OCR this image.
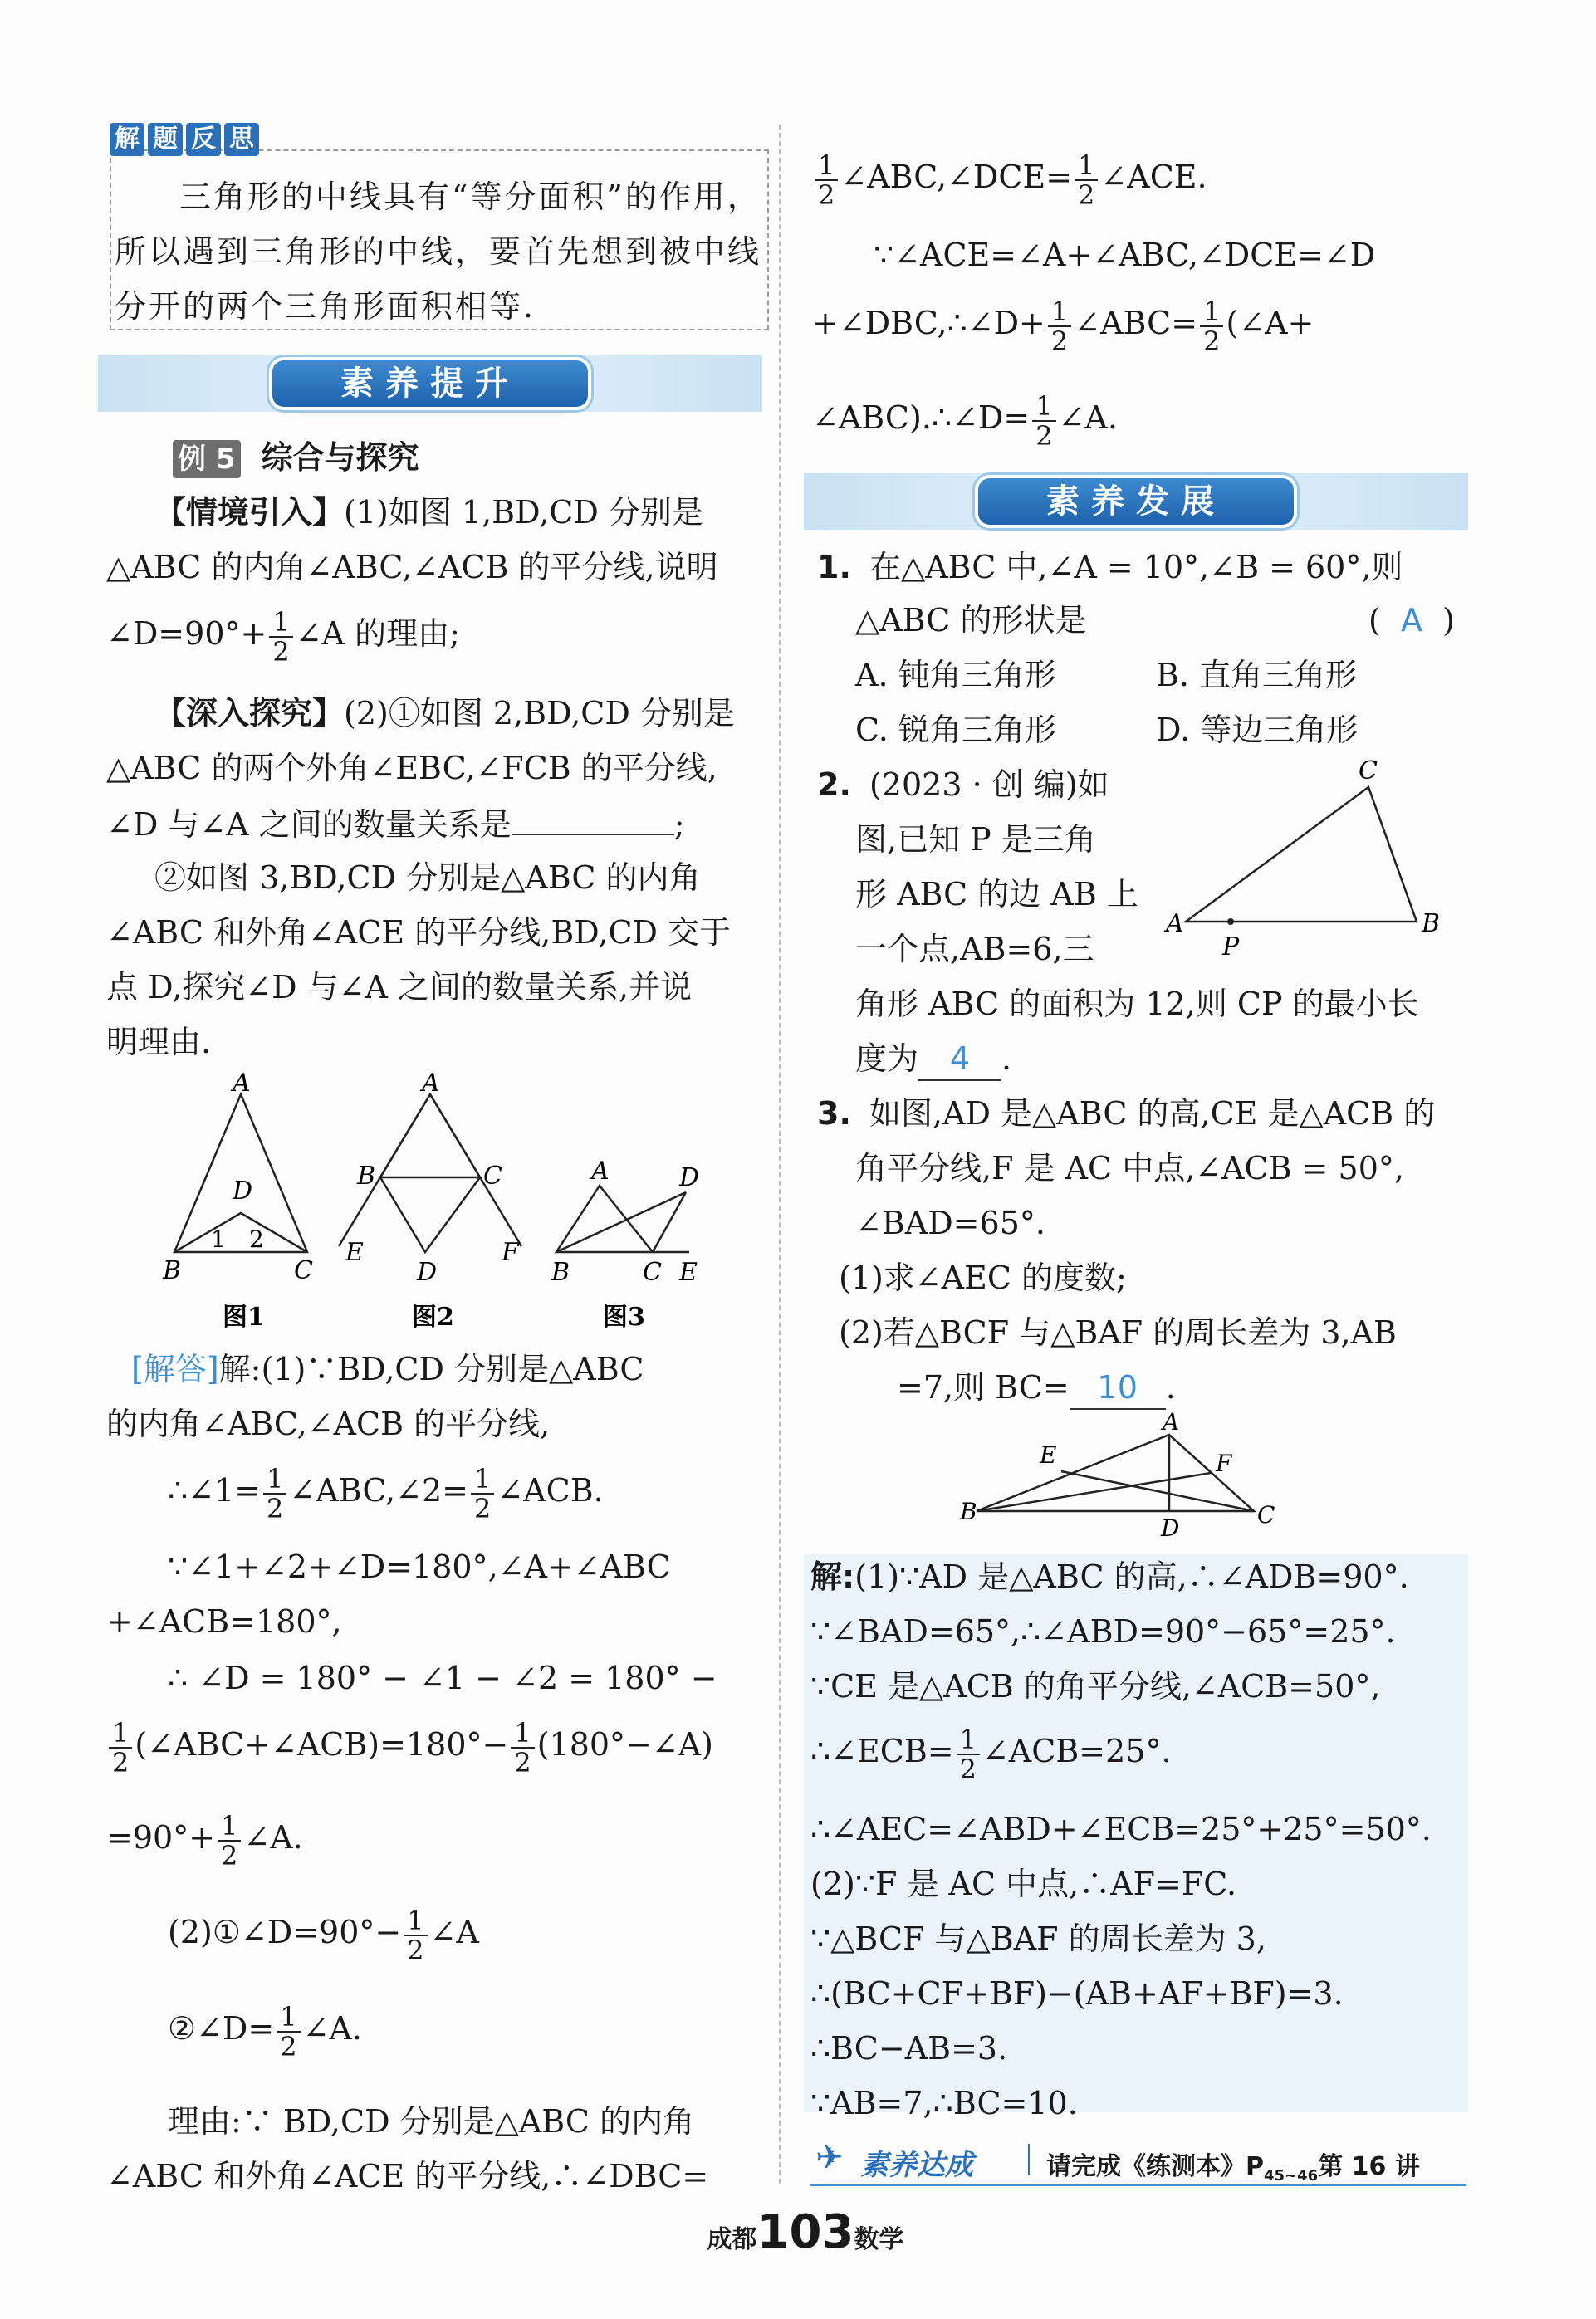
解 题 反 思
三角形的中线具有“等分面积”的作用，
所以遇到三角形的中线，要首先想到被中线
分开的两个三角形面积相等.
素养提升
例 5 综合与探究
【情境引入】(1)如图 1,BD,CD 分别是
△ABC 的内角∠ABC,∠ACB 的平分线,说明
∠D=90°+ $\frac{1}{2}$ ∠A 的理由;
【深入探究】(2)①如图 2,BD,CD 分别是
△ABC 的两个外角∠EBC,∠FCB 的平分线,
∠D 与∠A 之间的数量关系是	;
②如图 3,BD,CD 分别是△ABC 的内角
∠ABC 和外角∠ACE 的平分线,BD,CD 交于
点 D,探究∠D 与∠A 之间的数量关系,并说
明理由.
A
D
1 2
B	C
A
B	C
E	F
D
A	D
B	C E
图1	图2	图3
[解答]解:(1)∵BD,CD 分别是△ABC
的内角∠ABC,∠ACB 的平分线,
∴∠1= $\frac{1}{2}$ ∠ABC,∠2= $\frac{1}{2}$ ∠ACB.
∵∠1+∠2+∠D=180°,∠A+∠ABC
+∠ACB=180°,
∴ ∠D = 180° − ∠1 − ∠2 = 180° −
$\frac{1}{2}$ (∠ABC+∠ACB)=180°− $\frac{1}{2}$ (180°−∠A)
$=90^\circ+ \frac{1}{2}$ ∠A.
(2)①∠D=90°− $\frac{1}{2}$ ∠A
②∠D= $\frac{1}{2}$ ∠A.
理由:∵ BD,CD 分别是△ABC 的内角
∠ABC 和外角∠ACE 的平分线,∴∠DBC=
$\frac{1}{2}$ ∠ABC,∠DCE= $\frac{1}{2}$ ∠ACE.
∵∠ACE=∠A+∠ABC,∠DCE=∠D
+∠DBC,∴∠D+ $\frac{1}{2}$ ∠ABC= $\frac{1}{2}$ (∠A+
∠ABC).∴∠D= $\frac{1}{2}$ ∠A.
素养发展
1. 在△ABC 中,∠A = 10°,∠B = 60°,则
△ABC 的形状是	(  A  )
A. 钝角三角形	B. 直角三角形
C. 锐角三角形	D. 等边三角形
2. (2023 · 创 编)如
图,已知 P 是三角
形 ABC 的边 AB 上
一个点,AB=6,三
C
A
P
B
角形 ABC 的面积为 12,则 CP 的最小长
度为 4 .
3. 如图,AD 是△ABC 的高,CE 是△ACB 的
角平分线,F 是 AC 中点,∠ACB = 50°,
∠BAD=65°.
(1)求∠AEC 的度数;
(2)若△BCF 与△BAF 的周长差为 3,AB
=7,则 BC= 10 .
A
E	F
B
D	C
解:(1)∵AD 是△ABC 的高,∴∠ADB=90°.
∵∠BAD=65°,∴∠ABD=90°−65°=25°.
∵CE 是△ACB 的角平分线,∠ACB=50°,
∴∠ECB= $\frac{1}{2}$ ∠ACB=25°.
∴∠AEC=∠ABD+∠ECB=25°+25°=50°.
(2)∵F 是 AC 中点,∴AF=FC.
∵△BCF 与△BAF 的周长差为 3,
∴(BC+CF+BF)−(AB+AF+BF)=3.
∴BC−AB=3.
∵AB=7,∴BC=10.
✈ 素养达成	请完成《练测本》$P_{45\sim 46}$第 16 讲
成都103数学
